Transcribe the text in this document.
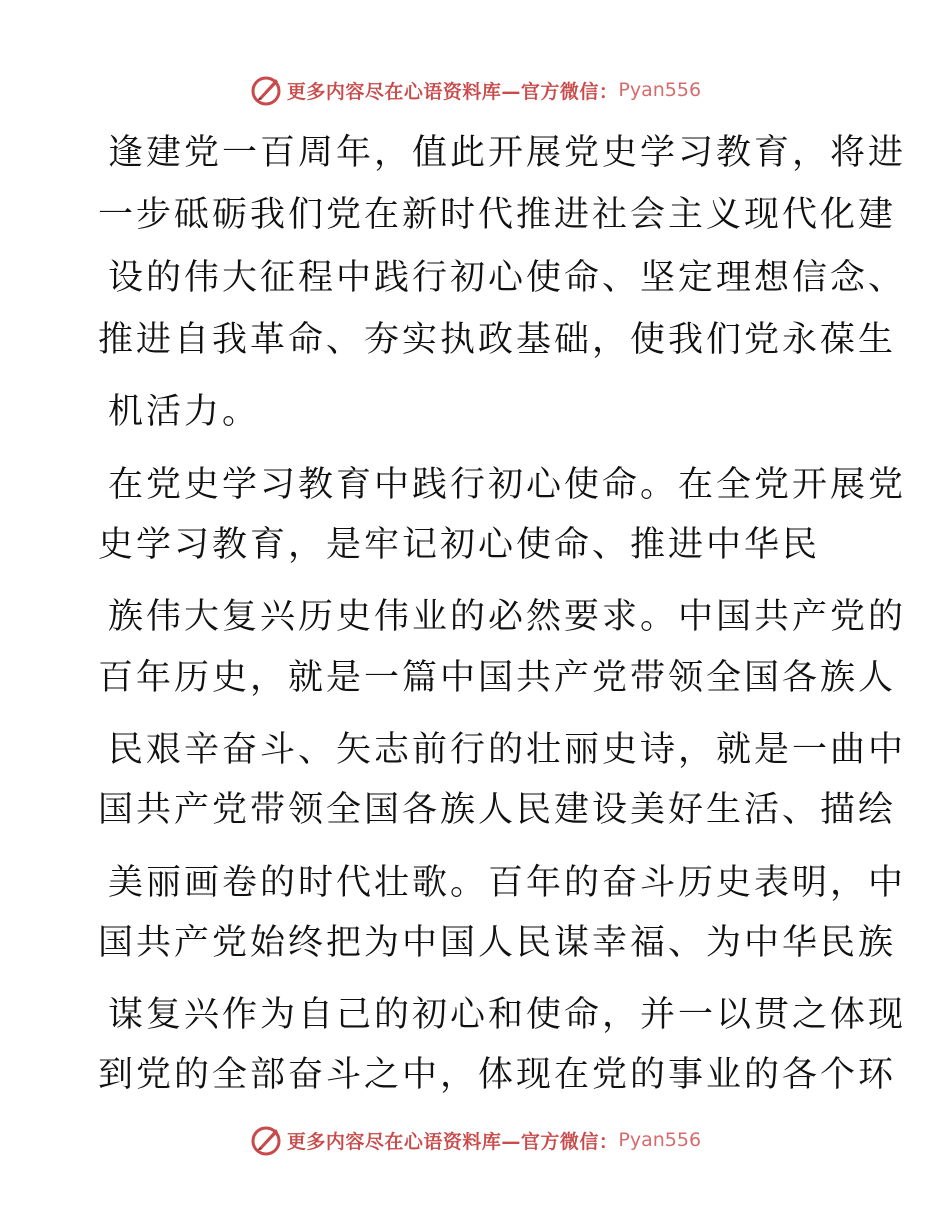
更多内容尽在心语资料库—官方微信： Pyan556
逢建党一百周年，值此开展党史学习教育，将进
一步砥砺我们党在新时代推进社会主义现代化建
设的伟大征程中践行初心使命、坚定理想信念、
推进自我革命、夯实执政基础，使我们党永葆生
机活力。
在党史学习教育中践行初心使命。在全党开展党
史学习教育，是牢记初心使命、推进中华民
族伟大复兴历史伟业的必然要求。中国共产党的
百年历史，就是一篇中国共产党带领全国各族人
民艰辛奋斗、矢志前行的壮丽史诗，就是一曲中
国共产党带领全国各族人民建设美好生活、描绘
美丽画卷的时代壮歌。百年的奋斗历史表明，中
国共产党始终把为中国人民谋幸福、为中华民族
谋复兴作为自己的初心和使命，并一以贯之体现
到党的全部奋斗之中，体现在党的事业的各个环
更多内容尽在心语资料库—官方微信： Pyan556
